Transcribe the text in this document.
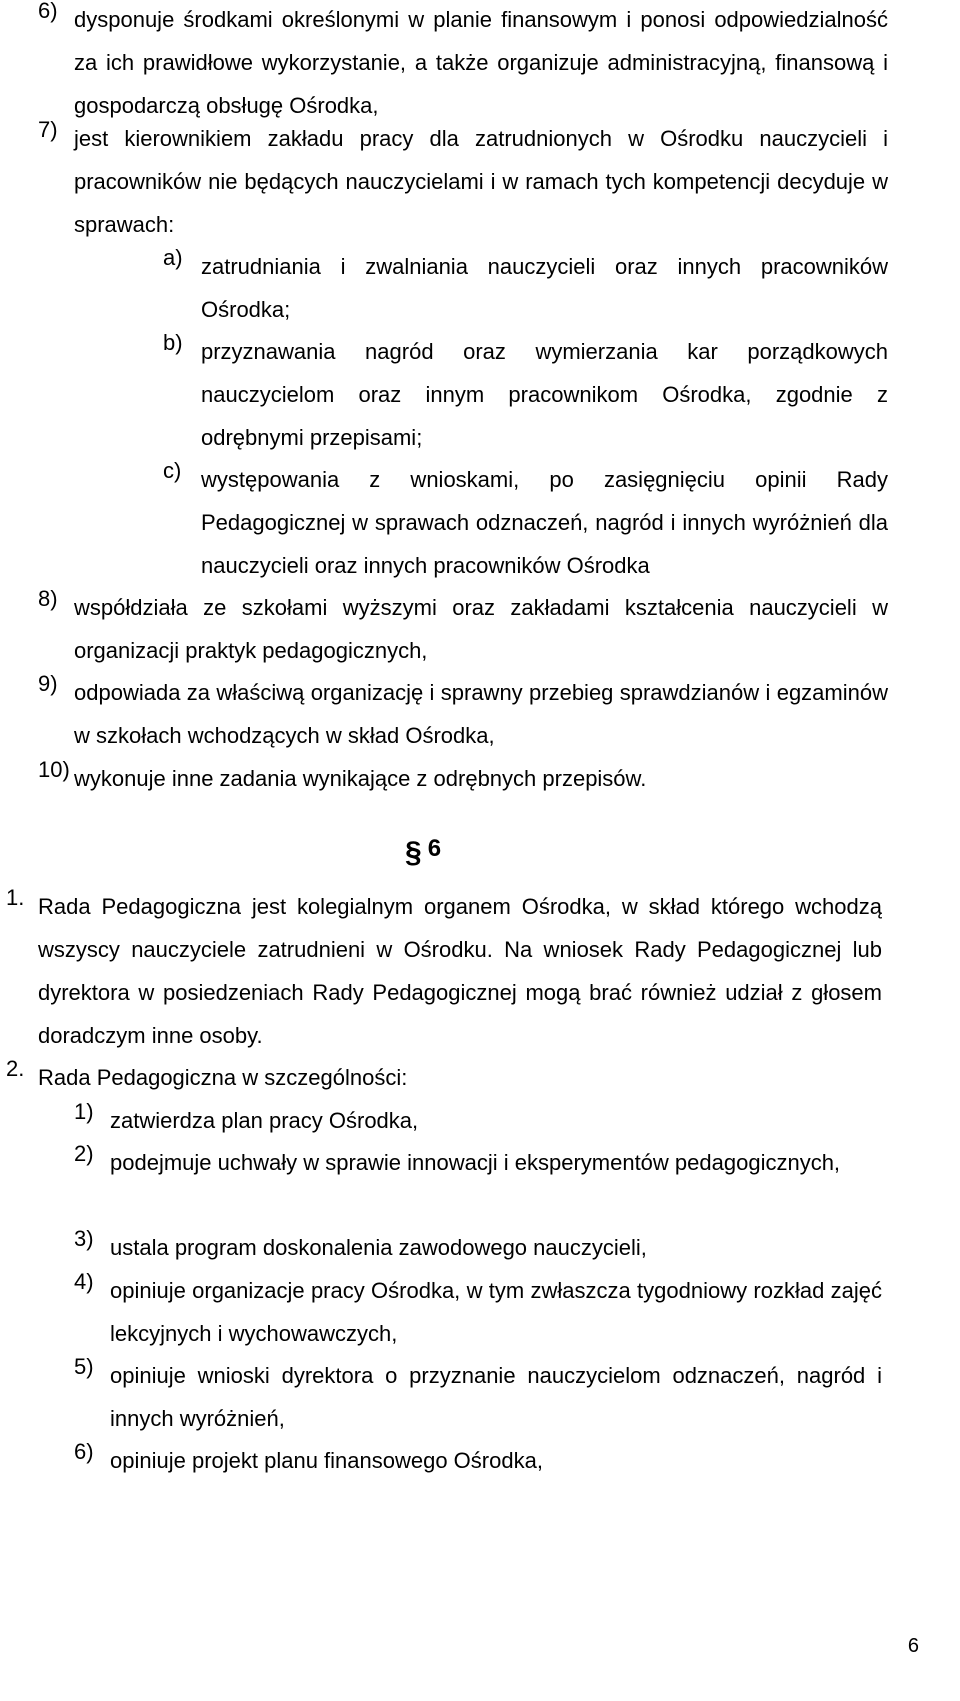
6) dysponuje środkami określonymi w planie finansowym i ponosi odpowiedzialność za ich prawidłowe wykorzystanie, a także organizuje administracyjną, finansową i gospodarczą obsługę Ośrodka,
7) jest kierownikiem zakładu pracy dla zatrudnionych w Ośrodku nauczycieli i pracowników nie będących nauczycielami i w ramach tych kompetencji decyduje w sprawach:
a) zatrudniania i zwalniania nauczycieli oraz innych pracowników Ośrodka;
b) przyznawania nagród oraz wymierzania kar porządkowych nauczycielom oraz innym pracownikom Ośrodka, zgodnie z odrębnymi przepisami;
c) występowania z wnioskami, po zasięgnięciu opinii Rady Pedagogicznej w sprawach odznaczeń, nagród i innych wyróżnień dla nauczycieli oraz innych pracowników Ośrodka
8) współdziała ze szkołami wyższymi oraz zakładami kształcenia nauczycieli w organizacji praktyk pedagogicznych,
9) odpowiada za właściwą organizację i sprawny przebieg sprawdzianów i egzaminów w szkołach wchodzących w skład Ośrodka,
10) wykonuje inne zadania wynikające z odrębnych przepisów.
§ 6
1. Rada Pedagogiczna jest kolegialnym organem Ośrodka, w skład którego wchodzą wszyscy nauczyciele zatrudnieni w Ośrodku. Na wniosek Rady Pedagogicznej lub dyrektora w posiedzeniach Rady Pedagogicznej mogą brać również udział z głosem doradczym inne osoby.
2. Rada Pedagogiczna w szczególności:
1) zatwierdza plan pracy Ośrodka,
2) podejmuje uchwały w sprawie innowacji i eksperymentów pedagogicznych,
3) ustala program doskonalenia zawodowego nauczycieli,
4) opiniuje organizacje pracy Ośrodka, w tym zwłaszcza tygodniowy rozkład zajęć lekcyjnych i wychowawczych,
5) opiniuje wnioski dyrektora o przyznanie nauczycielom odznaczeń, nagród i innych wyróżnień,
6) opiniuje projekt planu finansowego Ośrodka,
6
